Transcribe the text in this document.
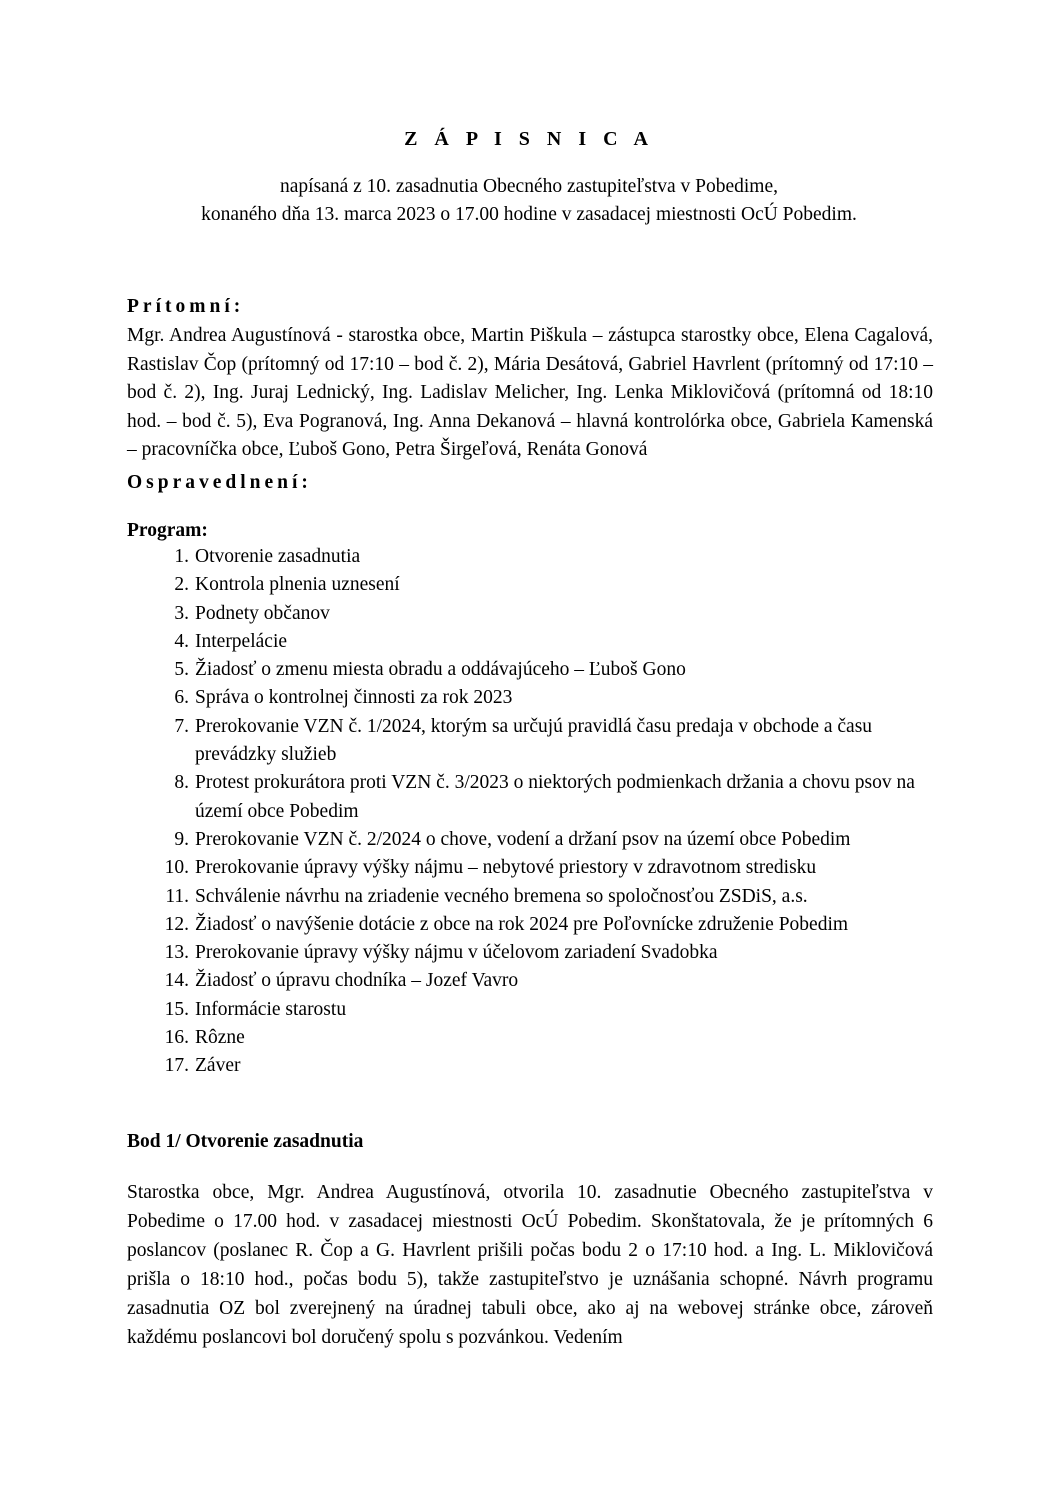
Z Á P I S N I C A
napísaná z 10. zasadnutia Obecného zastupiteľstva v Pobedime,
konaného dňa 13. marca 2023 o 17.00 hodine v zasadacej miestnosti OcÚ Pobedim.
Prítomní:
Mgr. Andrea Augustínová - starostka obce, Martin Piškula – zástupca starostky obce, Elena Cagalová, Rastislav Čop (prítomný od 17:10 – bod č. 2), Mária Desátová, Gabriel Havrlent (prítomný od 17:10 – bod č. 2), Ing. Juraj Lednický, Ing. Ladislav Melicher, Ing. Lenka Miklovičová (prítomná od 18:10 hod. – bod č. 5), Eva Pogranová, Ing. Anna Dekanová – hlavná kontrolórka obce, Gabriela Kamenská – pracovníčka obce, Ľuboš Gono, Petra Širgeľová, Renáta Gonová
Ospravedlnení:
Program:
1. Otvorenie zasadnutia
2. Kontrola plnenia uznesení
3. Podnety občanov
4. Interpelácie
5. Žiadosť o zmenu miesta obradu a oddávajúceho – Ľuboš Gono
6. Správa o kontrolnej činnosti za rok 2023
7. Prerokovanie VZN č. 1/2024, ktorým sa určujú pravidlá času predaja v obchode a času prevádzky služieb
8. Protest prokurátora proti VZN č. 3/2023 o niektorých podmienkach držania a chovu psov na území obce Pobedim
9. Prerokovanie VZN č. 2/2024 o chove, vodení a držaní psov na území obce Pobedim
10. Prerokovanie úpravy výšky nájmu – nebytové priestory v zdravotnom stredisku
11. Schválenie návrhu na zriadenie vecného bremena so spoločnosťou ZSDiS, a.s.
12. Žiadosť o navýšenie dotácie z obce na rok 2024 pre Poľovnícke združenie Pobedim
13. Prerokovanie úpravy výšky nájmu v účelovom zariadení Svadobka
14. Žiadosť o úpravu chodníka – Jozef Vavro
15. Informácie starostu
16. Rôzne
17. Záver
Bod 1/ Otvorenie zasadnutia
Starostka obce, Mgr. Andrea Augustínová, otvorila 10. zasadnutie Obecného zastupiteľstva v Pobedime o 17.00 hod. v zasadacej miestnosti OcÚ Pobedim. Skonštatovala, že je prítomných 6 poslancov (poslanec R. Čop a G. Havrlent prišili počas bodu 2 o 17:10 hod. a Ing. L. Miklovičová prišla o 18:10 hod., počas bodu 5), takže zastupiteľstvo je uznášania schopné. Návrh programu zasadnutia OZ bol zverejnený na úradnej tabuli obce, ako aj na webovej stránke obce, zároveň každému poslancovi bol doručený spolu s pozvánkou. Vedením
